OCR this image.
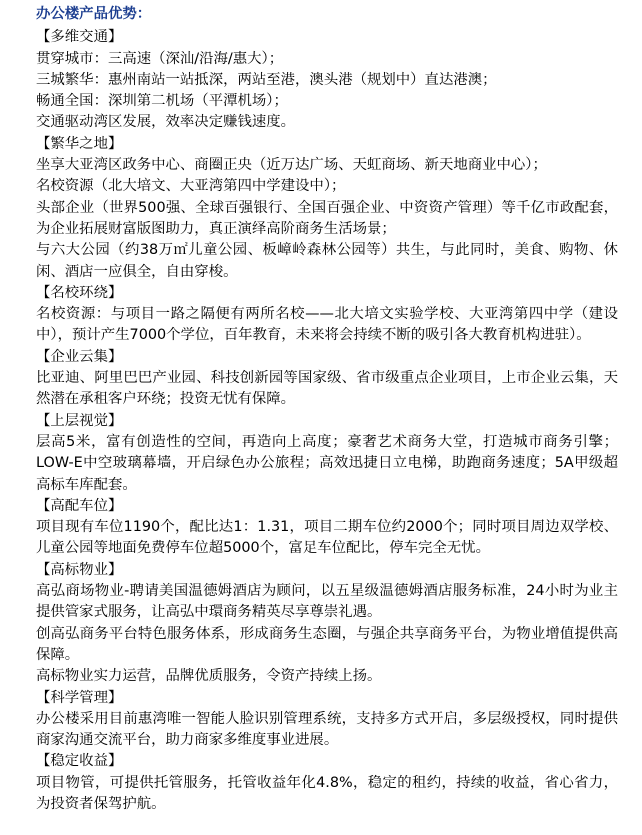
办公楼产品优势：
【多维交通】
贯穿城市：三高速（深汕/沿海/惠大）；
三城繁华：惠州南站一站抵深，两站至港，澳头港（规划中）直达港澳；
畅通全国：深圳第二机场（平潭机场）；
交通驱动湾区发展，效率决定赚钱速度。
【繁华之地】
坐享大亚湾区政务中心、商圈正央（近万达广场、天虹商场、新天地商业中心）；
名校资源（北大培文、大亚湾第四中学建设中）；
头部企业（世界500强、全球百强银行、全国百强企业、中资资产管理）等千亿市政配套，为企业拓展财富版图助力，真正演绎高阶商务生活场景；
与六大公园（约38万㎡儿童公园、板嶂岭森林公园等）共生，与此同时，美食、购物、休闲、酒店一应俱全，自由穿梭。
【名校环绕】
名校资源：与项目一路之隔便有两所名校——北大培文实验学校、大亚湾第四中学（建设中），预计产生7000个学位，百年教育，未来将会持续不断的吸引各大教育机构进驻）。
【企业云集】
比亚迪、阿里巴巴产业园、科技创新园等国家级、省市级重点企业项目，上市企业云集，天然潜在承租客户环绕；投资无忧有保障。
【上层视觉】
层高5米，富有创造性的空间，再造向上高度；豪奢艺术商务大堂，打造城市商务引擎；LOW-E中空玻璃幕墙，开启绿色办公旅程；高效迅捷日立电梯，助跑商务速度；5A甲级超高标车库配套。
【高配车位】
项目现有车位1190个，配比达1：1.31，项目二期车位约2000个；同时项目周边双学校、儿童公园等地面免费停车位超5000个，富足车位配比，停车完全无忧。
【高标物业】
高弘商场物业-聘请美国温德姆酒店为顾问，以五星级温德姆酒店服务标准，24小时为业主提供管家式服务，让高弘中環商务精英尽享尊崇礼遇。
创高弘商务平台特色服务体系，形成商务生态圈，与强企共享商务平台，为物业增值提供高保障。
高标物业实力运营，品牌优质服务，令资产持续上扬。
【科学管理】
办公楼采用目前惠湾唯一智能人脸识别管理系统，支持多方式开启，多层级授权，同时提供商家沟通交流平台，助力商家多维度事业进展。
【稳定收益】
项目物管，可提供托管服务，托管收益年化4.8%，稳定的租约，持续的收益，省心省力，为投资者保驾护航。
